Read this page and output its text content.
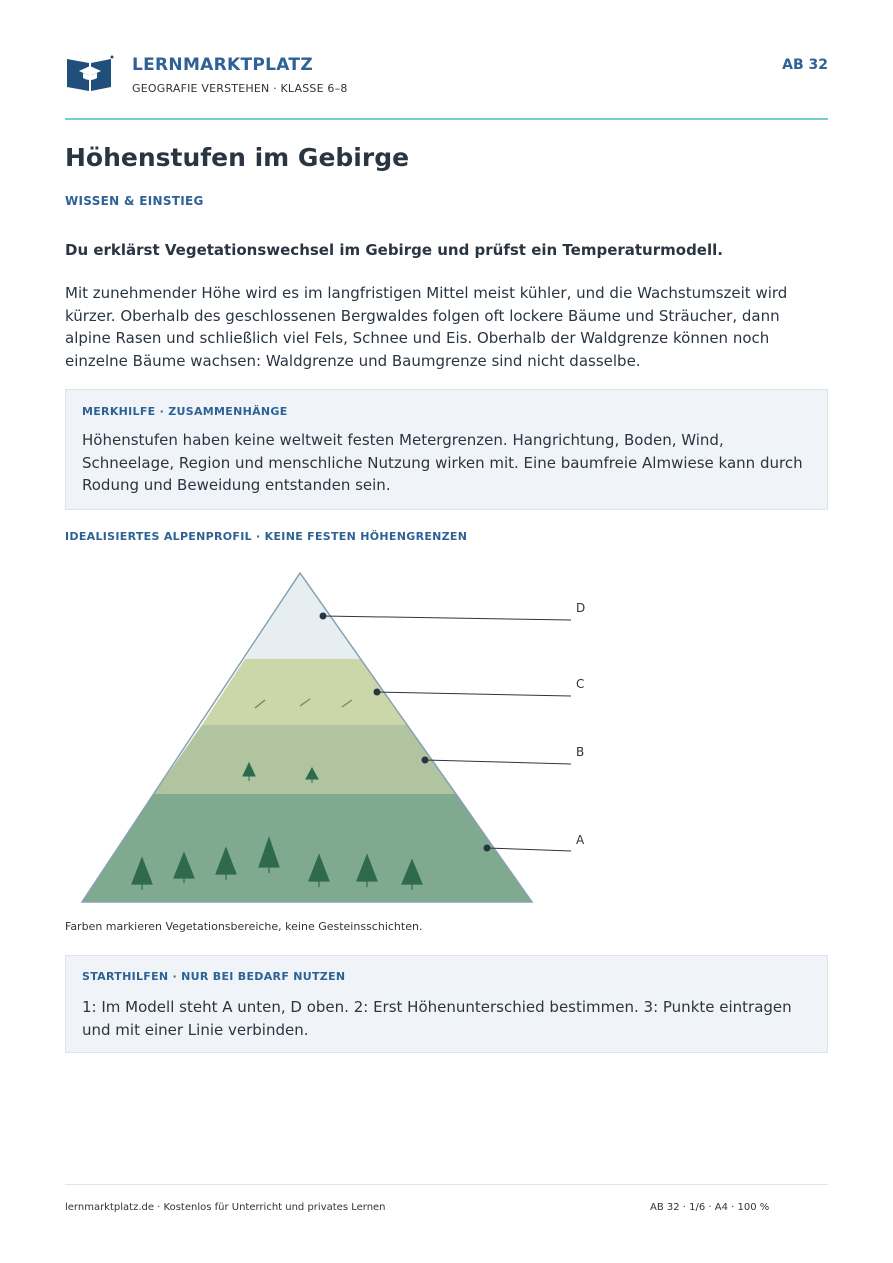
LERNMARKTPLATZ
GEOGRAFIE VERSTEHEN · KLASSE 6–8
AB 32
Höhenstufen im Gebirge
WISSEN & EINSTIEG
Du erklärst Vegetationswechsel im Gebirge und prüfst ein Temperaturmodell.

Mit zunehmender Höhe wird es im langfristigen Mittel meist kühler, und die Wachstumszeit wird kürzer. Oberhalb des geschlossenen Bergwaldes folgen oft lockere Bäume und Sträucher, dann alpine Rasen und schließlich viel Fels, Schnee und Eis. Oberhalb der Waldgrenze können noch einzelne Bäume wachsen: Waldgrenze und Baumgrenze sind nicht dasselbe.

MERKHILFE · ZUSAMMENHÄNGE

Höhenstufen haben keine weltweit festen Metergrenzen. Hangrichtung, Boden, Wind, Schneelage, Region und menschliche Nutzung wirken mit. Eine baumfreie Almwiese kann durch Rodung und Beweidung entstanden sein.

IDEALISIERTES ALPENPROFIL · KEINE FESTEN HÖHENGRENZEN
D
C
B
A
Farben markieren Vegetationsbereiche, keine Gesteinsschichten.
STARTHILFEN · NUR BEI BEDARF NUTZEN

1: Im Modell steht A unten, D oben. 2: Erst Höhenunterschied bestimmen. 3: Punkte eintragen und mit einer Linie verbinden.

lernmarktplatz.de · Kostenlos für Unterricht und privates Lernen	AB 32 · 1/6 · A4 · 100 %
